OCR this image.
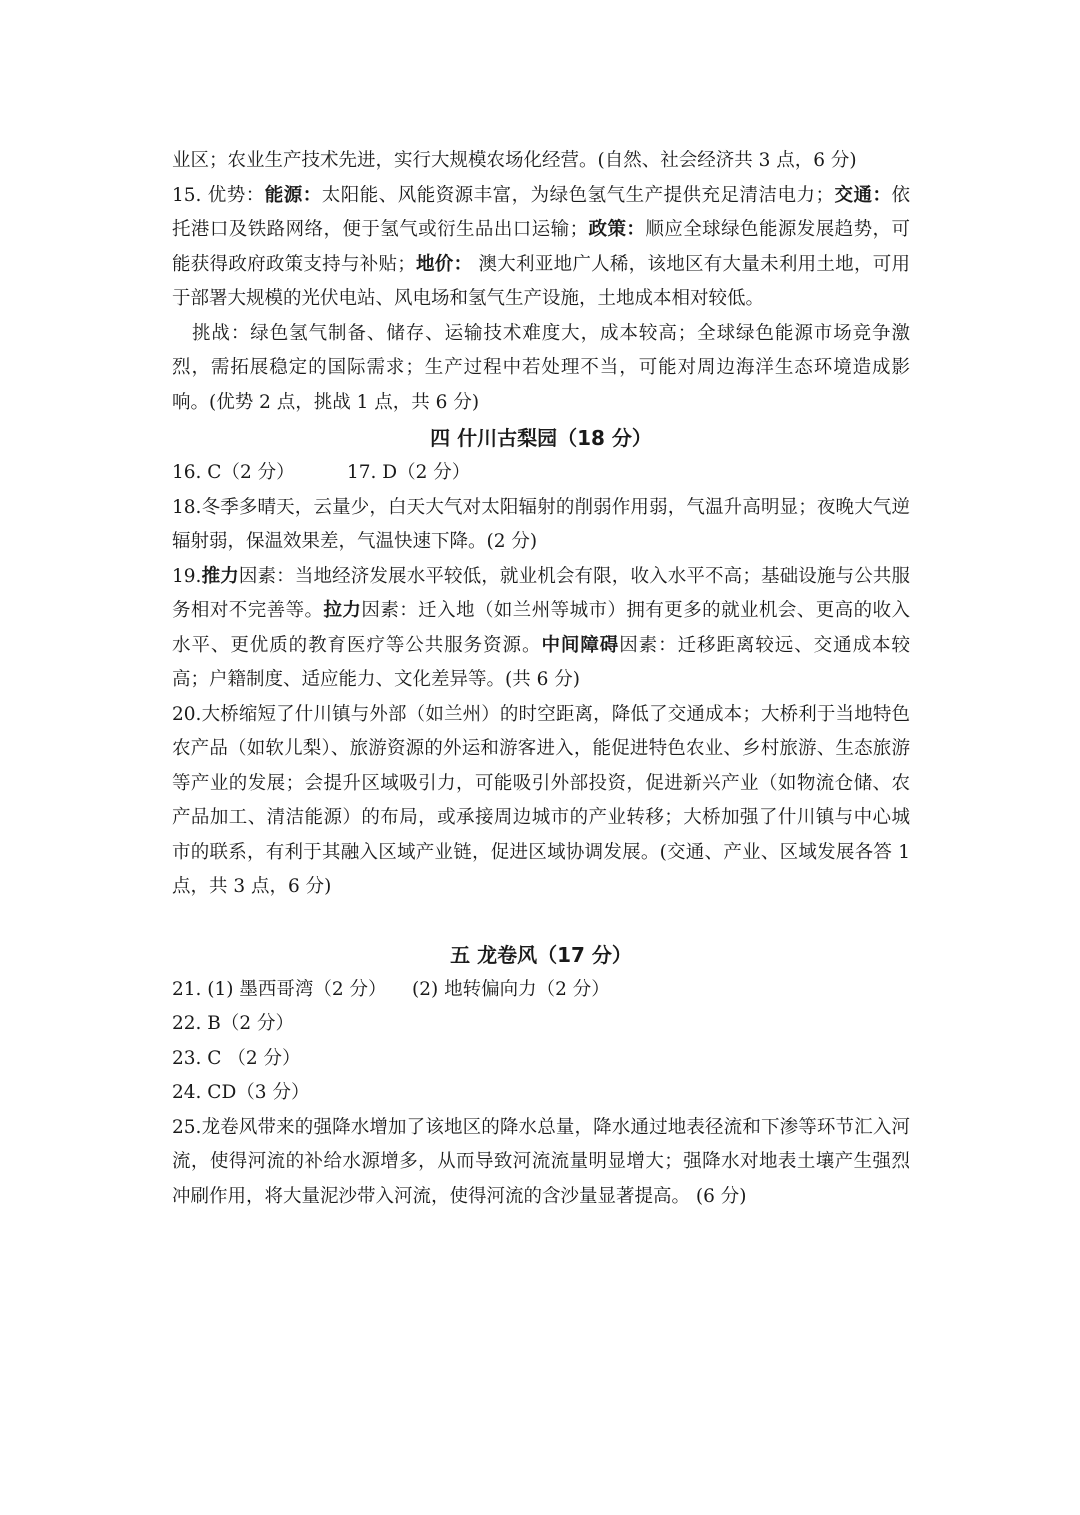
业区；农业生产技术先进，实行大规模农场化经营。(自然、社会经济共 3 点，6 分)

15. 优势：能源：太阳能、风能资源丰富，为绿色氢气生产提供充足清洁电力；交通：依托港口及铁路网络，便于氢气或衍生品出口运输；政策：顺应全球绿色能源发展趋势，可能获得政府政策支持与补贴；地价： 澳大利亚地广人稀，该地区有大量未利用土地，可用于部署大规模的光伏电站、风电场和氢气生产设施，土地成本相对较低。

挑战：绿色氢气制备、储存、运输技术难度大，成本较高；全球绿色能源市场竞争激烈，需拓展稳定的国际需求；生产过程中若处理不当，可能对周边海洋生态环境造成影响。(优势 2 点，挑战 1 点，共 6 分)

四 什川古梨园（18 分）
16. C（2 分）	17. D（2 分）

18.冬季多晴天，云量少，白天大气对太阳辐射的削弱作用弱，气温升高明显；夜晚大气逆辐射弱，保温效果差，气温快速下降。(2 分)

19.推力因素：当地经济发展水平较低，就业机会有限，收入水平不高；基础设施与公共服务相对不完善等。拉力因素：迁入地（如兰州等城市）拥有更多的就业机会、更高的收入水平、更优质的教育医疗等公共服务资源。中间障碍因素：迁移距离较远、交通成本较高；户籍制度、适应能力、文化差异等。(共 6 分)

20.大桥缩短了什川镇与外部（如兰州）的时空距离，降低了交通成本；大桥利于当地特色农产品（如软儿梨）、旅游资源的外运和游客进入，能促进特色农业、乡村旅游、生态旅游等产业的发展；会提升区域吸引力，可能吸引外部投资，促进新兴产业（如物流仓储、农产品加工、清洁能源）的布局，或承接周边城市的产业转移；大桥加强了什川镇与中心城市的联系，有利于其融入区域产业链，促进区域协调发展。(交通、产业、区域发展各答 1 点，共 3 点，6 分)

五 龙卷风（17 分）
21. (1) 墨西哥湾（2 分）	(2) 地转偏向力（2 分）

22. B（2 分）

23. C （2 分）

24. CD（3 分）

25.龙卷风带来的强降水增加了该地区的降水总量，降水通过地表径流和下渗等环节汇入河流，使得河流的补给水源增多，从而导致河流流量明显增大；强降水对地表土壤产生强烈冲刷作用，将大量泥沙带入河流，使得河流的含沙量显著提高。 (6 分)
